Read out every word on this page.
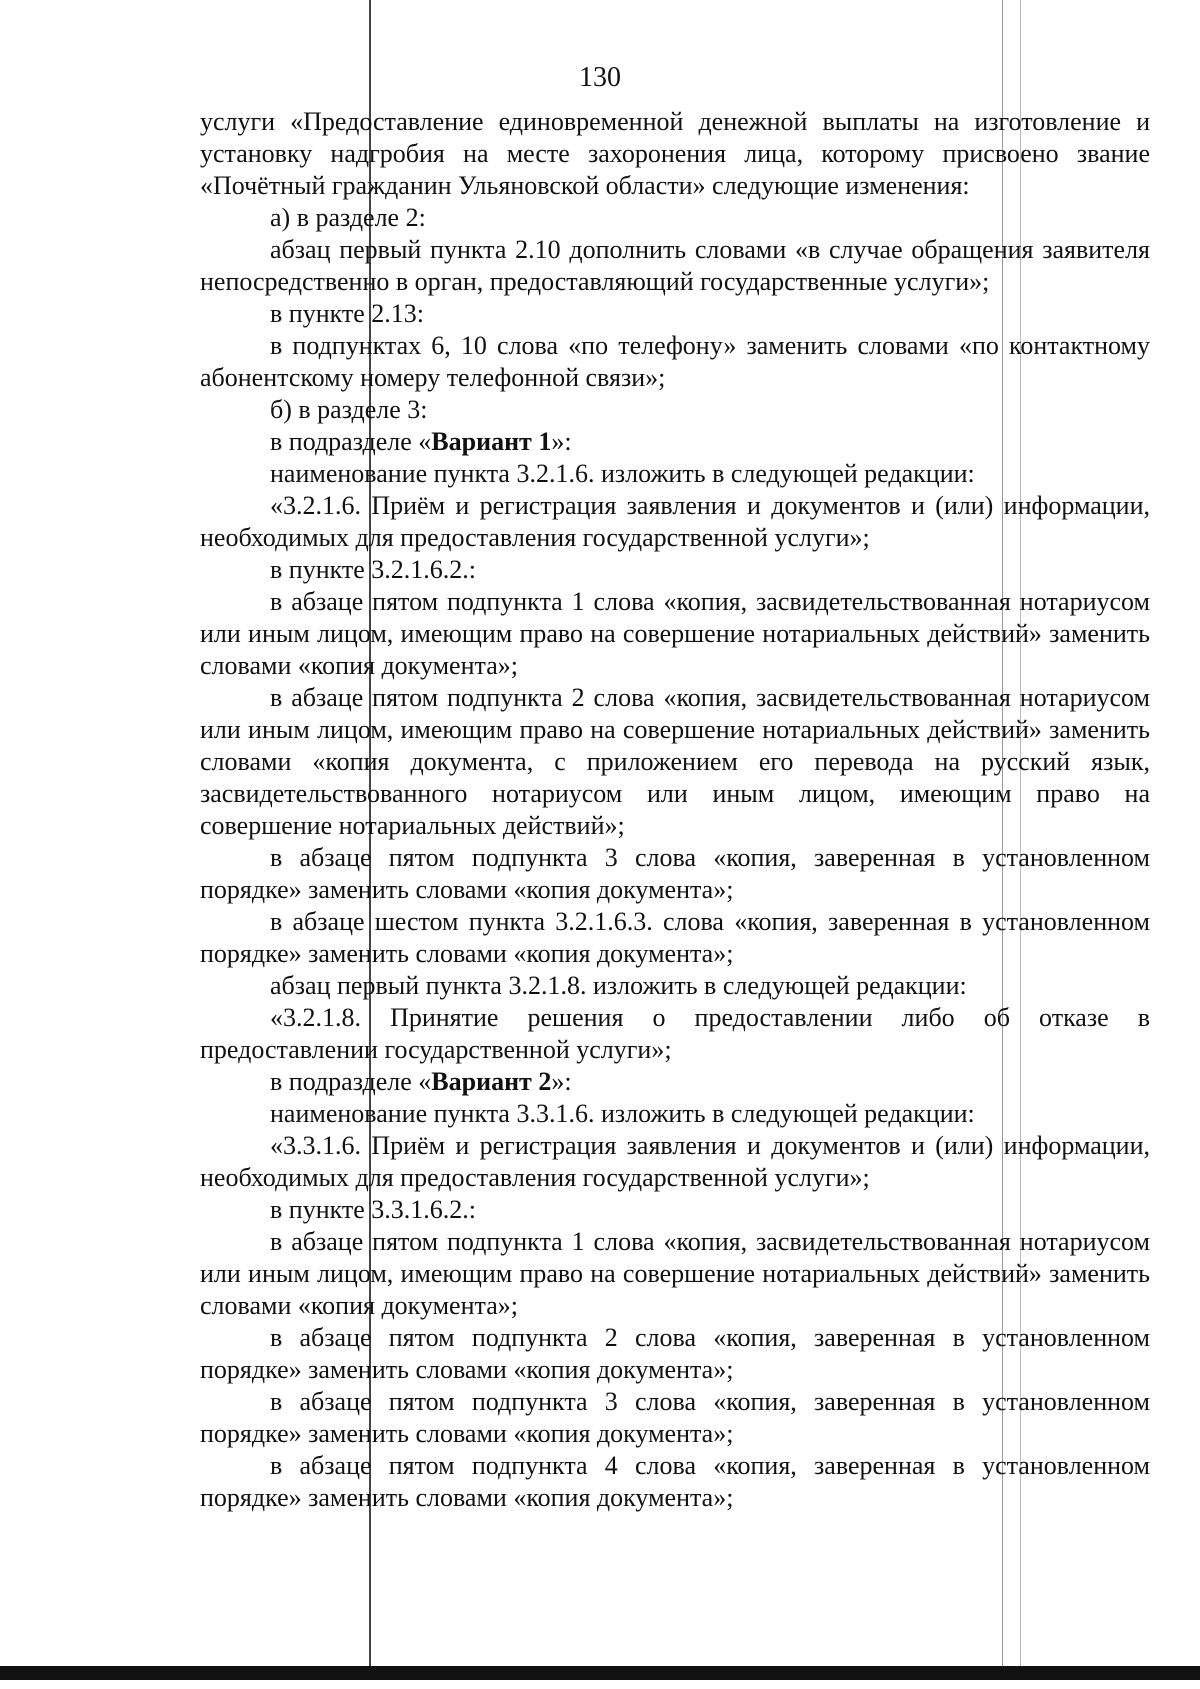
130

услуги «Предоставление единовременной денежной выплаты на изготовление и установку надгробия на месте захоронения лица, которому присвоено звание «Почётный гражданин Ульяновской области» следующие изменения:

а) в разделе 2:

абзац первый пункта 2.10 дополнить словами «в случае обращения заявителя непосредственно в орган, предоставляющий государственные услуги»;

в пункте 2.13:

в подпунктах 6, 10 слова «по телефону» заменить словами «по контактному абонентскому номеру телефонной связи»;

б) в разделе 3:

в подразделе «Вариант 1»:

наименование пункта 3.2.1.6. изложить в следующей редакции:

«3.2.1.6. Приём и регистрация заявления и документов и (или) информации, необходимых для предоставления государственной услуги»;

в пункте 3.2.1.6.2.:

в абзаце пятом подпункта 1 слова «копия, засвидетельствованная нотариусом или иным лицом, имеющим право на совершение нотариальных действий» заменить словами «копия документа»;

в абзаце пятом подпункта 2 слова «копия, засвидетельствованная нотариусом или иным лицом, имеющим право на совершение нотариальных действий» заменить словами «копия документа, с приложением его перевода на русский язык, засвидетельствованного нотариусом или иным лицом, имеющим право на совершение нотариальных действий»;

в абзаце пятом подпункта 3 слова «копия, заверенная в установленном порядке» заменить словами «копия документа»;

в абзаце шестом пункта 3.2.1.6.3. слова «копия, заверенная в установленном порядке» заменить словами «копия документа»;

абзац первый пункта 3.2.1.8. изложить в следующей редакции:

«3.2.1.8. Принятие решения о предоставлении либо об отказе в предоставлении государственной услуги»;

в подразделе «Вариант 2»:

наименование пункта 3.3.1.6. изложить в следующей редакции:

«3.3.1.6. Приём и регистрация заявления и документов и (или) информации, необходимых для предоставления государственной услуги»;

в пункте 3.3.1.6.2.:

в абзаце пятом подпункта 1 слова «копия, засвидетельствованная нотариусом или иным лицом, имеющим право на совершение нотариальных действий» заменить словами «копия документа»;

в абзаце пятом подпункта 2 слова «копия, заверенная в установленном порядке» заменить словами «копия документа»;

в абзаце пятом подпункта 3 слова «копия, заверенная в установленном порядке» заменить словами «копия документа»;

в абзаце пятом подпункта 4 слова «копия, заверенная в установленном порядке» заменить словами «копия документа»;
